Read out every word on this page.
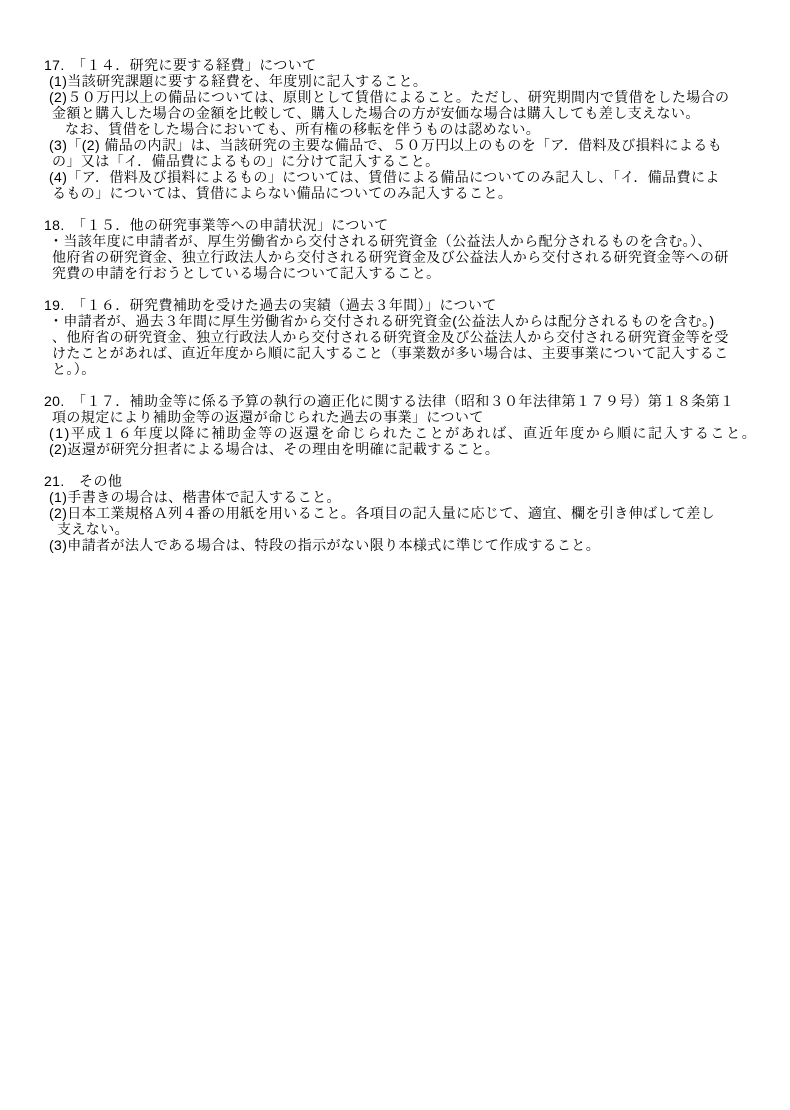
17.　「１４．研究に要する経費」について
(1)当該研究課題に要する経費を、年度別に記入すること。
(2)５０万円以上の備品については、原則として賃借によること。ただし、研究期間内で賃借をした場合の
金額と購入した場合の金額を比較して、購入した場合の方が安価な場合は購入しても差し支えない。
なお、賃借をした場合においても、所有権の移転を伴うものは認めない。
(3)「(2) 備品の内訳」は、当該研究の主要な備品で、５０万円以上のものを「ア．借料及び損料によるも
の」又は「イ．備品費によるもの」に分けて記入すること。
(4)「ア．借料及び損料によるもの」については、賃借による備品についてのみ記入し、「イ．備品費によ
るもの」については、賃借によらない備品についてのみ記入すること。
18.　「１５．他の研究事業等への申請状況」について
・当該年度に申請者が、厚生労働省から交付される研究資金（公益法人から配分されるものを含む。）、
他府省の研究資金、独立行政法人から交付される研究資金及び公益法人から交付される研究資金等への研
究費の申請を行おうとしている場合について記入すること。
19.　「１６．研究費補助を受けた過去の実績（過去３年間）」について
・申請者が、過去３年間に厚生労働省から交付される研究資金(公益法人からは配分されるものを含む。)
、他府省の研究資金、独立行政法人から交付される研究資金及び公益法人から交付される研究資金等を受
けたことがあれば、直近年度から順に記入すること（事業数が多い場合は、主要事業について記入するこ
と。）。
20.　「１７．補助金等に係る予算の執行の適正化に関する法律（昭和３０年法律第１７９号）第１８条第１
項の規定により補助金等の返還が命じられた過去の事業」について
(1)平成１６年度以降に補助金等の返還を命じられたことがあれば、直近年度から順に記入すること。
(2)返還が研究分担者による場合は、その理由を明確に記載すること。
21.　その他
(1)手書きの場合は、楷書体で記入すること。
(2)日本工業規格Ａ列４番の用紙を用いること。各項目の記入量に応じて、適宜、欄を引き伸ばして差し
支えない。
(3)申請者が法人である場合は、特段の指示がない限り本様式に準じて作成すること。
